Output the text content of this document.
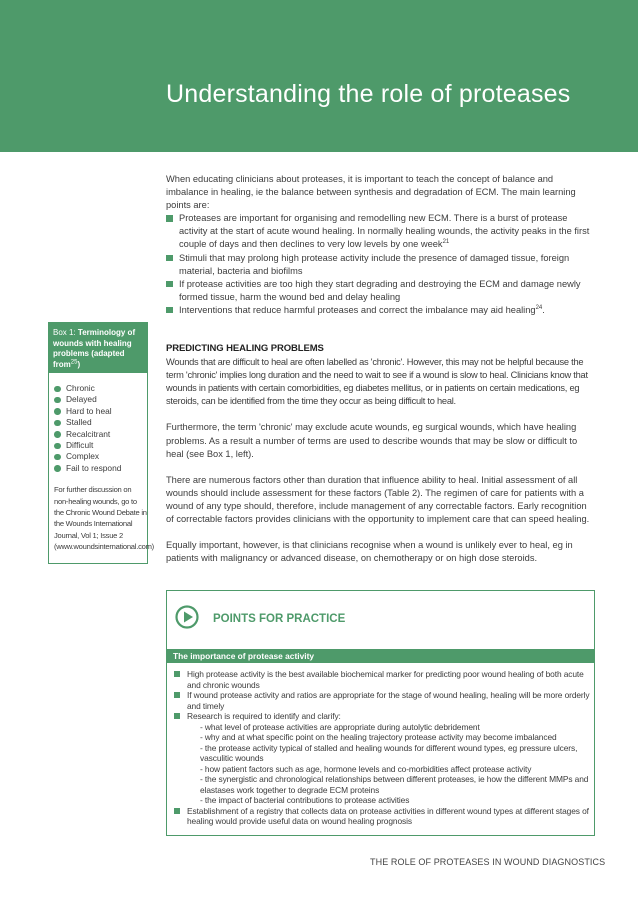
Understanding the role of proteases

When educating clinicians about proteases, it is important to teach the concept of balance and imbalance in healing, ie the balance between synthesis and degradation of ECM. The main learning points are:

Proteases are important for organising and remodelling new ECM. There is a burst of protease activity at the start of acute wound healing. In normally healing wounds, the activity peaks in the first couple of days and then declines to very low levels by one week$^{21}$
Stimuli that may prolong high protease activity include the presence of damaged tissue, foreign material, bacteria and biofilms
If protease activities are too high they start degrading and destroying the ECM and damage newly formed tissue, harm the wound bed and delay healing
Interventions that reduce harmful proteases and correct the imbalance may aid healing$^{24}$.
Box 1: Terminology of wounds with healing problems (adapted from$^{25}$)
Chronic
Delayed
Hard to heal
Stalled
Recalcitrant
Difficult
Complex
Fail to respond

For further discussion on non-healing wounds, go to the Chronic Wound Debate in the Wounds International Journal, Vol 1; Issue 2 (www.woundsinternational.com)

PREDICTING HEALING PROBLEMS

Wounds that are difficult to heal are often labelled as 'chronic'. However, this may not be helpful because the term 'chronic' implies long duration and the need to wait to see if a wound is slow to heal. Clinicians know that wounds in patients with certain comorbidities, eg diabetes mellitus, or in patients on certain medications, eg steroids, can be identified from the time they occur as being difficult to heal.

Furthermore, the term 'chronic' may exclude acute wounds, eg surgical wounds, which have healing problems. As a result a number of terms are used to describe wounds that may be slow or difficult to heal (see Box 1, left).

There are numerous factors other than duration that influence ability to heal. Initial assessment of all wounds should include assessment for these factors (Table 2). The regimen of care for patients with a wound of any type should, therefore, include management of any correctable factors. Early recognition of correctable factors provides clinicians with the opportunity to implement care that can speed healing.

Equally important, however, is that clinicians recognise when a wound is unlikely ever to heal, eg in patients with malignancy or advanced disease, on chemotherapy or on high dose steroids.

POINTS FOR PRACTICE
The importance of protease activity
High protease activity is the best available biochemical marker for predicting poor wound healing of both acute and chronic wounds
If wound protease activity and ratios are appropriate for the stage of wound healing, healing will be more orderly and timely
Research is required to identify and clarify:
- what level of protease activities are appropriate during autolytic debridement
- why and at what specific point on the healing trajectory protease activity may become imbalanced
- the protease activity typical of stalled and healing wounds for different wound types, eg pressure ulcers, vasculitic wounds
- how patient factors such as age, hormone levels and co-morbidities affect protease activity
- the synergistic and chronological relationships between different proteases, ie how the different MMPs and elastases work together to degrade ECM proteins
- the impact of bacterial contributions to protease activities
Establishment of a registry that collects data on protease activities in different wound types at different stages of healing would provide useful data on wound healing prognosis
THE ROLE OF PROTEASES IN WOUND DIAGNOSTICS
